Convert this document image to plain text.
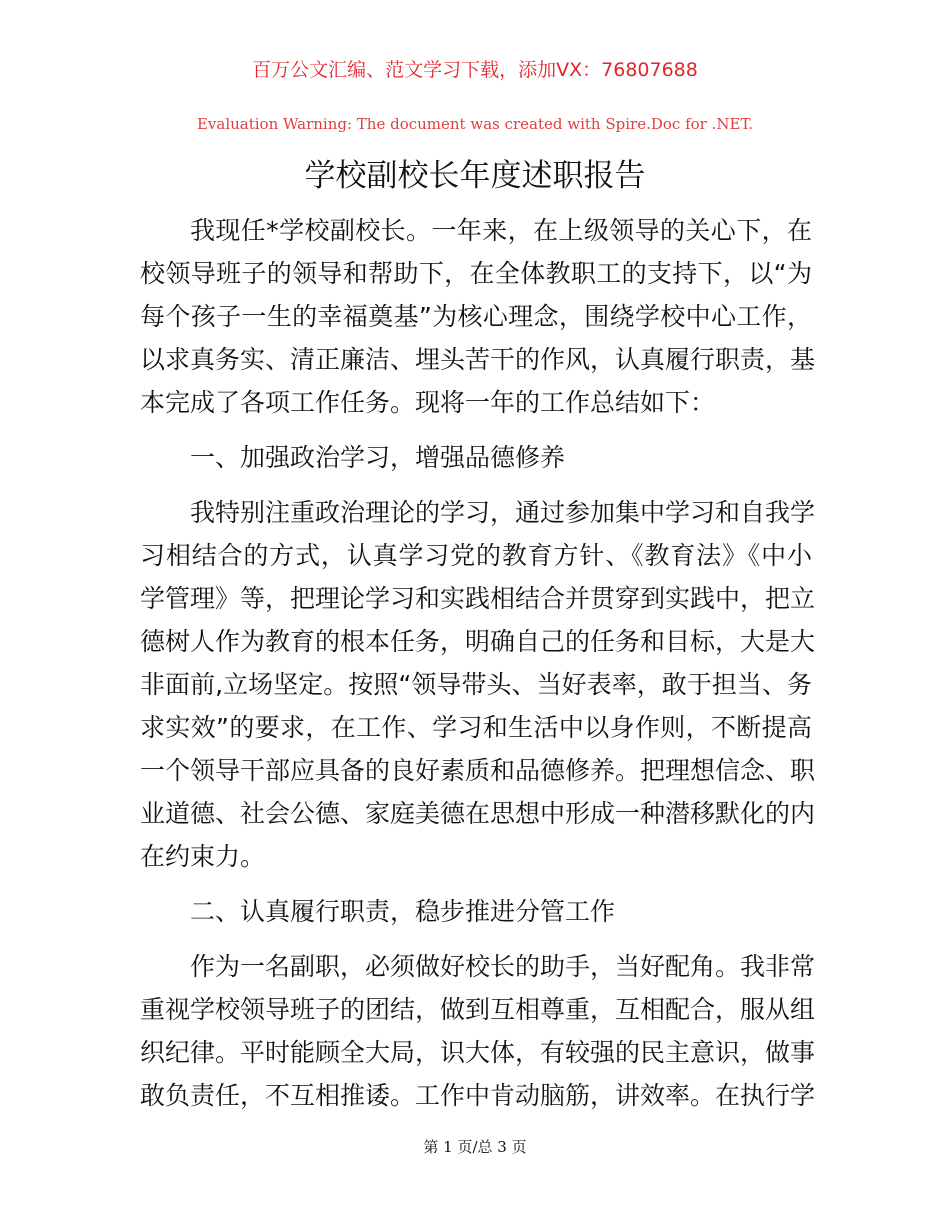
百万公文汇编、范文学习下载，添加VX：76807688
Evaluation Warning: The document was created with Spire.Doc for .NET.
学校副校长年度述职报告
我现任*学校副校长。一年来，在上级领导的关心下，在
校领导班子的领导和帮助下，在全体教职工的支持下，以“为
每个孩子一生的幸福奠基”为核心理念，围绕学校中心工作，
以求真务实、清正廉洁、埋头苦干的作风，认真履行职责，基
本完成了各项工作任务。现将一年的工作总结如下：
一、加强政治学习，增强品德修养
我特别注重政治理论的学习，通过参加集中学习和自我学
习相结合的方式，认真学习党的教育方针、《教育法》《中小
学管理》等，把理论学习和实践相结合并贯穿到实践中，把立
德树人作为教育的根本任务，明确自己的任务和目标，大是大
非面前,立场坚定。按照“领导带头、当好表率，敢于担当、务
求实效”的要求，在工作、学习和生活中以身作则，不断提高
一个领导干部应具备的良好素质和品德修养。把理想信念、职
业道德、社会公德、家庭美德在思想中形成一种潜移默化的内
在约束力。
二、认真履行职责，稳步推进分管工作
作为一名副职，必须做好校长的助手，当好配角。我非常
重视学校领导班子的团结，做到互相尊重，互相配合，服从组
织纪律。平时能顾全大局，识大体，有较强的民主意识，做事
敢负责任，不互相推诿。工作中肯动脑筋，讲效率。在执行学
第 1 页/总 3 页
